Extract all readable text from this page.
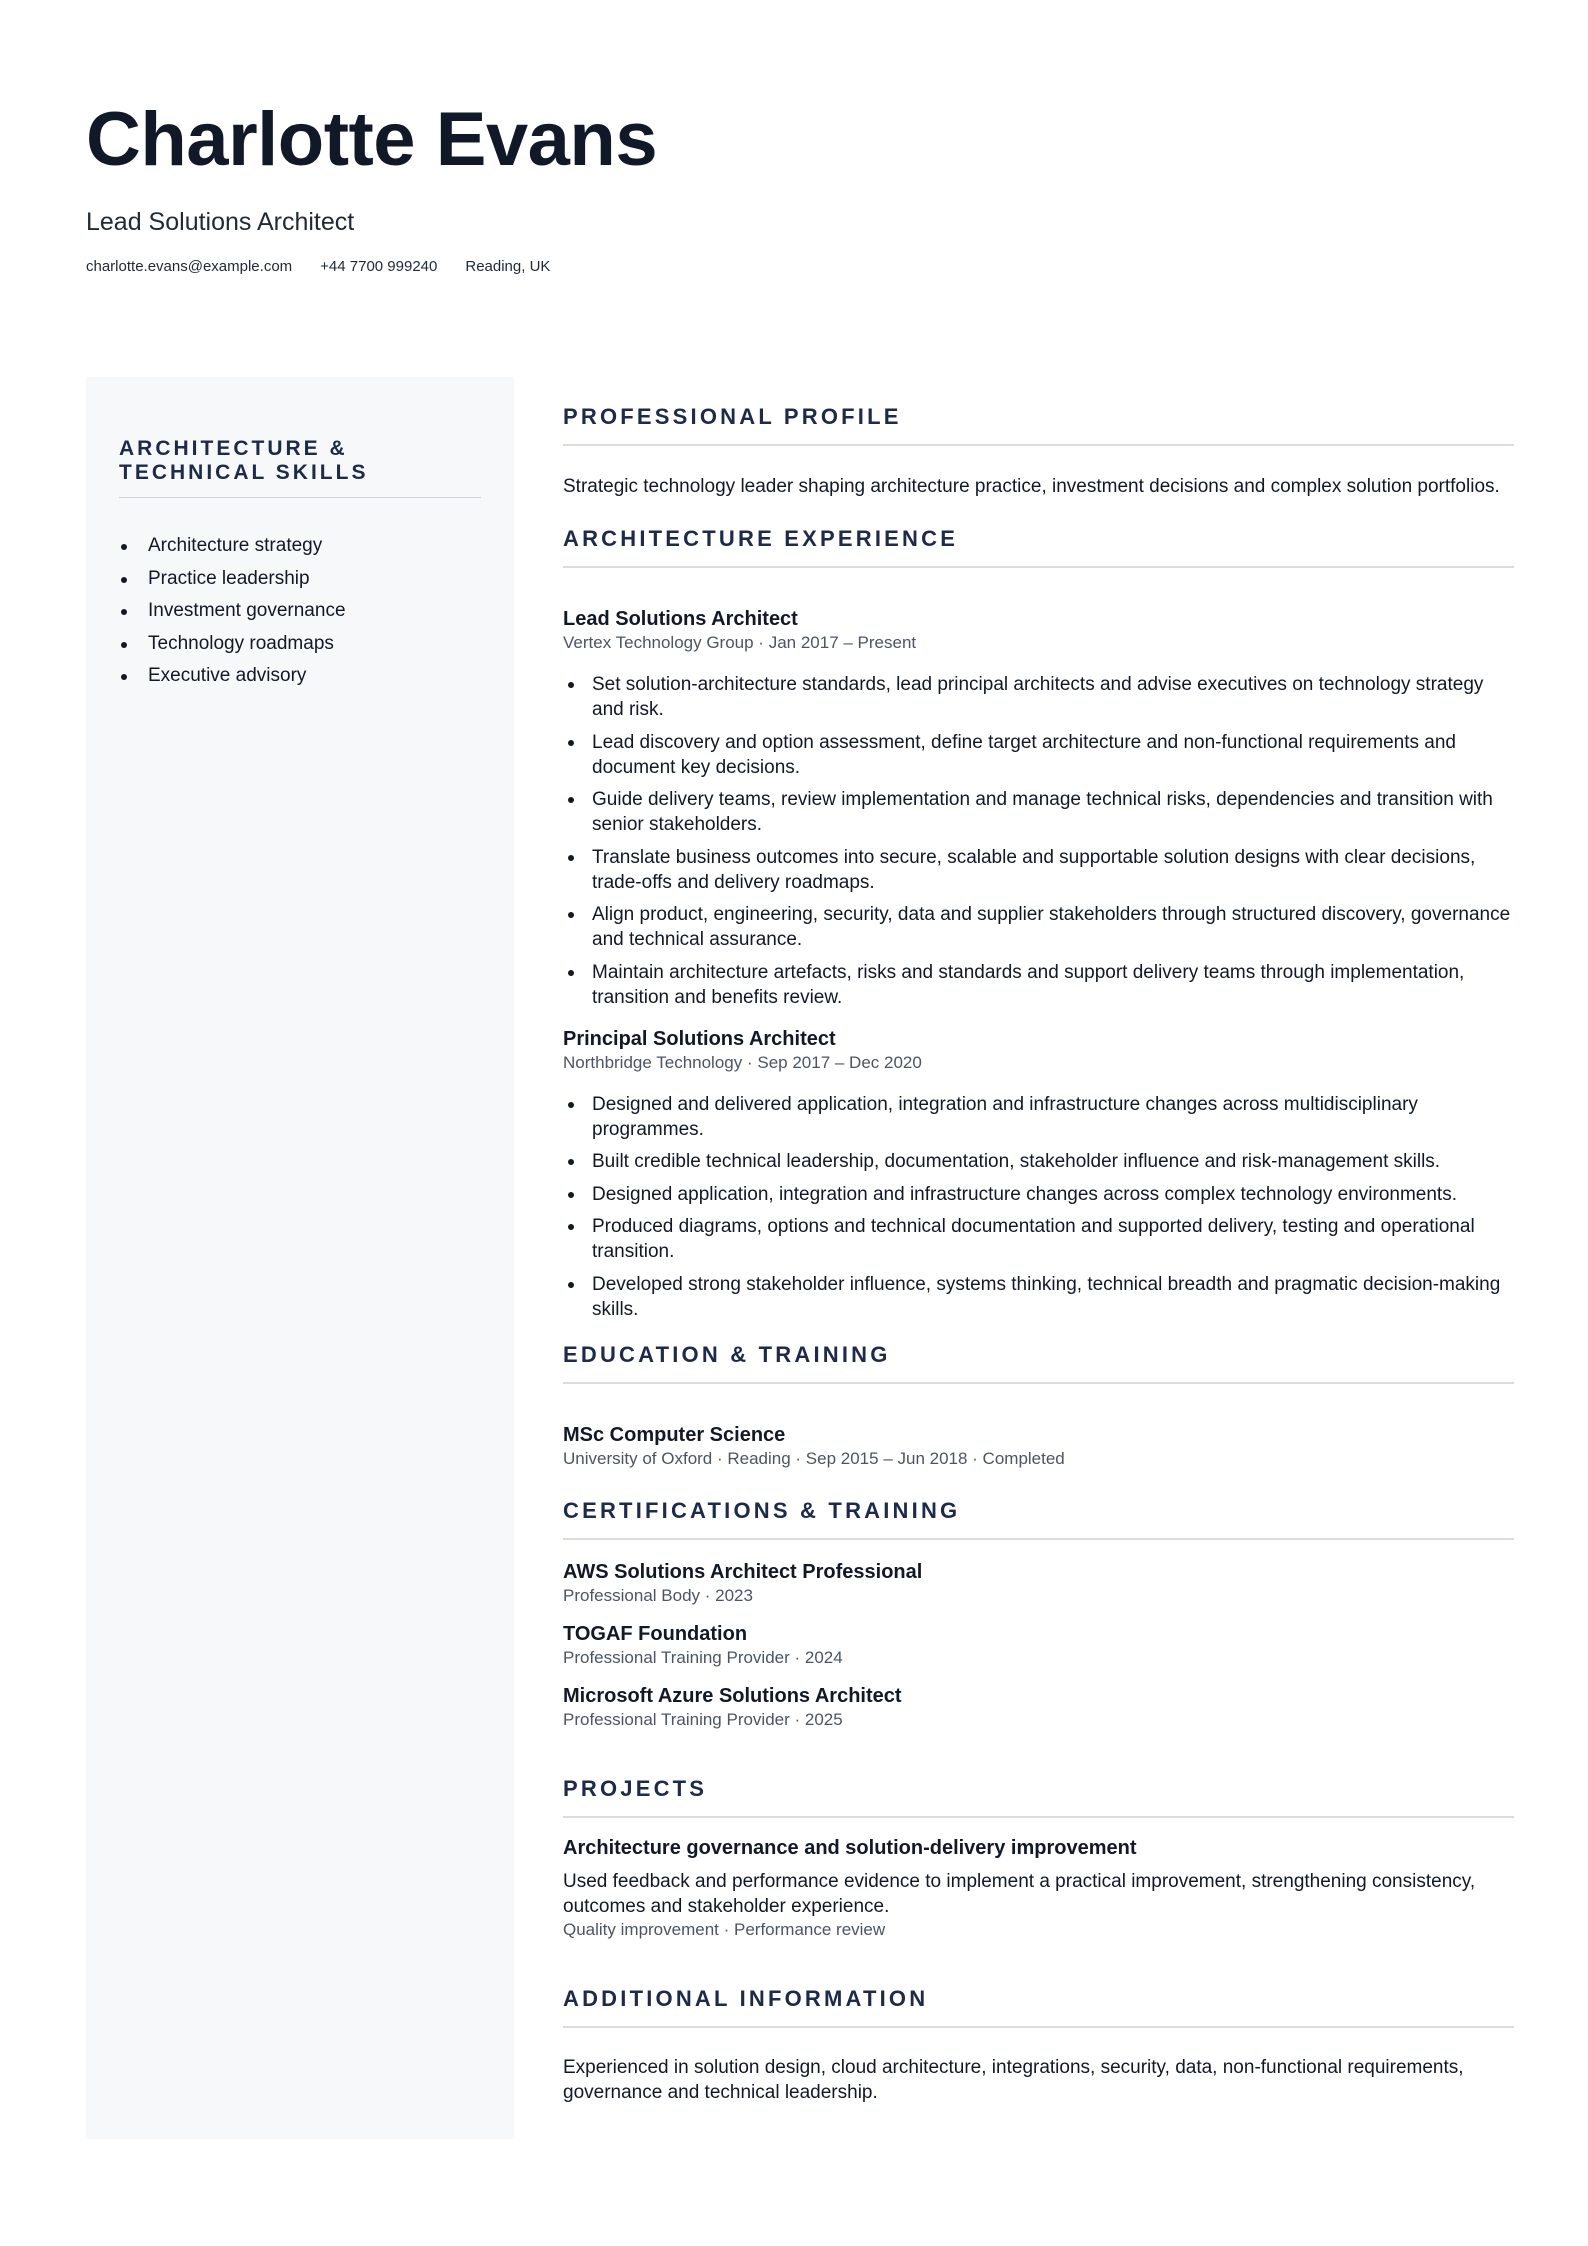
Charlotte Evans
Lead Solutions Architect
charlotte.evans@example.com +44 7700 999240 Reading, UK
ARCHITECTURE & TECHNICAL SKILLS
Architecture strategy
Practice leadership
Investment governance
Technology roadmaps
Executive advisory
PROFESSIONAL PROFILE

Strategic technology leader shaping architecture practice, investment decisions and complex solution portfolios.

ARCHITECTURE EXPERIENCE
Lead Solutions Architect
Vertex Technology Group · Jan 2017 – Present
Set solution-architecture standards, lead principal architects and advise executives on technology strategy and risk.
Lead discovery and option assessment, define target architecture and non-functional requirements and document key decisions.
Guide delivery teams, review implementation and manage technical risks, dependencies and transition with senior stakeholders.
Translate business outcomes into secure, scalable and supportable solution designs with clear decisions, trade-offs and delivery roadmaps.
Align product, engineering, security, data and supplier stakeholders through structured discovery, governance and technical assurance.
Maintain architecture artefacts, risks and standards and support delivery teams through implementation, transition and benefits review.
Principal Solutions Architect
Northbridge Technology · Sep 2017 – Dec 2020
Designed and delivered application, integration and infrastructure changes across multidisciplinary programmes.
Built credible technical leadership, documentation, stakeholder influence and risk-management skills.
Designed application, integration and infrastructure changes across complex technology environments.
Produced diagrams, options and technical documentation and supported delivery, testing and operational transition.
Developed strong stakeholder influence, systems thinking, technical breadth and pragmatic decision-making skills.
EDUCATION & TRAINING
MSc Computer Science
University of Oxford · Reading · Sep 2015 – Jun 2018 · Completed
CERTIFICATIONS & TRAINING
AWS Solutions Architect Professional
Professional Body · 2023
TOGAF Foundation
Professional Training Provider · 2024
Microsoft Azure Solutions Architect
Professional Training Provider · 2025
PROJECTS
Architecture governance and solution-delivery improvement

Used feedback and performance evidence to implement a practical improvement, strengthening consistency, outcomes and stakeholder experience.

Quality improvement · Performance review
ADDITIONAL INFORMATION

Experienced in solution design, cloud architecture, integrations, security, data, non-functional requirements, governance and technical leadership.
